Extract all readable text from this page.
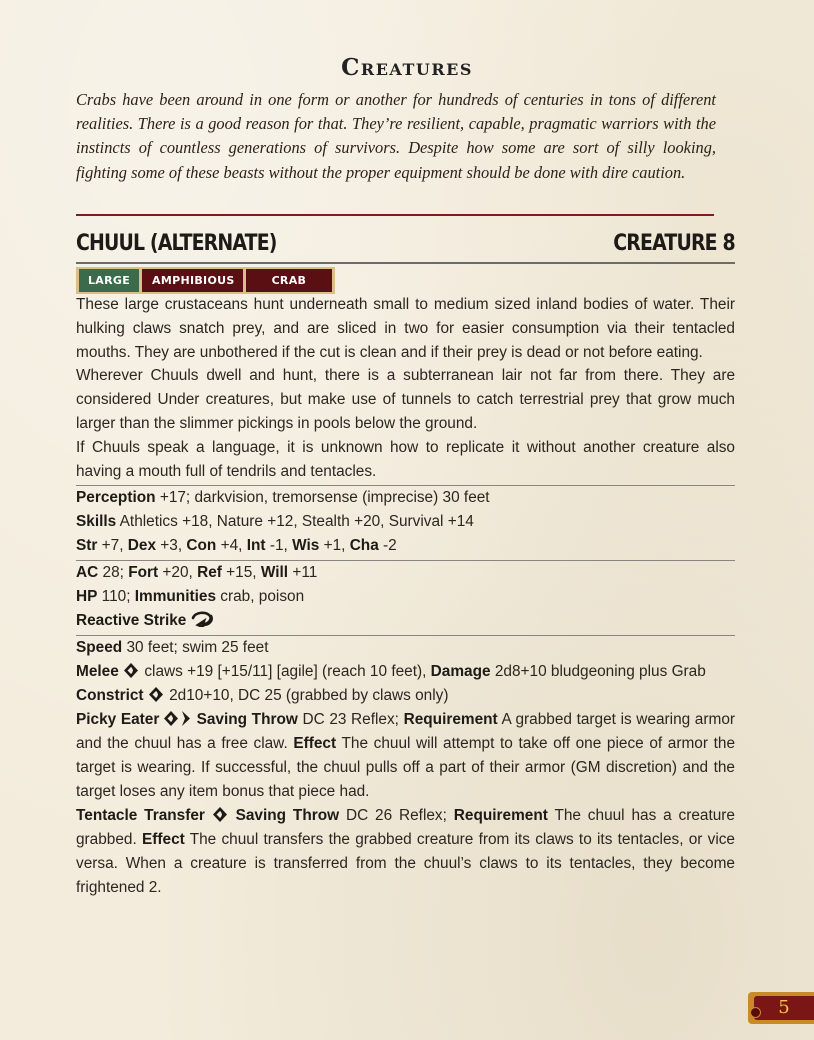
Creatures
Crabs have been around in one form or another for hundreds of centuries in tons of different realities. There is a good reason for that. They’re resilient, capable, pragmatic warriors with the instincts of countless generations of survivors. Despite how some are sort of silly looking, fighting some of these beasts without the proper equipment should be done with dire caution.
CHUUL (ALTERNATE)	CREATURE 8
LARGE	AMPHIBIOUS	CRAB

These large crustaceans hunt underneath small to medium sized inland bodies of water. Their hulking claws snatch prey, and are sliced in two for easier consumption via their tentacled mouths. They are unbothered if the cut is clean and if their prey is dead or not before eating.

Wherever Chuuls dwell and hunt, there is a subterranean lair not far from there. They are considered Under creatures, but make use of tunnels to catch terrestrial prey that grow much larger than the slimmer pickings in pools below the ground.

If Chuuls speak a language, it is unknown how to replicate it without another creature also having a mouth full of tendrils and tentacles.

Perception +17; darkvision, tremorsense (imprecise) 30 feet

Skills Athletics +18, Nature +12, Stealth +20, Survival +14

Str +7, Dex +3, Con +4, Int -1, Wis +1, Cha -2

AC 28; Fort +20, Ref +15, Will +11

HP 110; Immunities crab, poison

Reactive Strike

Speed 30 feet; swim 25 feet

Melee claws +19 [+15/11] [agile] (reach 10 feet), Damage 2d8+10 bludgeoning plus Grab

Constrict 2d10+10, DC 25 (grabbed by claws only)

Picky Eater Saving Throw DC 23 Reflex; Requirement A grabbed target is wearing armor and the chuul has a free claw. Effect The chuul will attempt to take off one piece of armor the target is wearing. If successful, the chuul pulls off a part of their armor (GM discretion) and the target loses any item bonus that piece had.

Tentacle Transfer Saving Throw DC 26 Reflex; Requirement The chuul has a creature grabbed. Effect The chuul transfers the grabbed creature from its claws to its tentacles, or vice versa. When a creature is transferred from the chuul’s claws to its tentacles, they become frightened 2.

5
